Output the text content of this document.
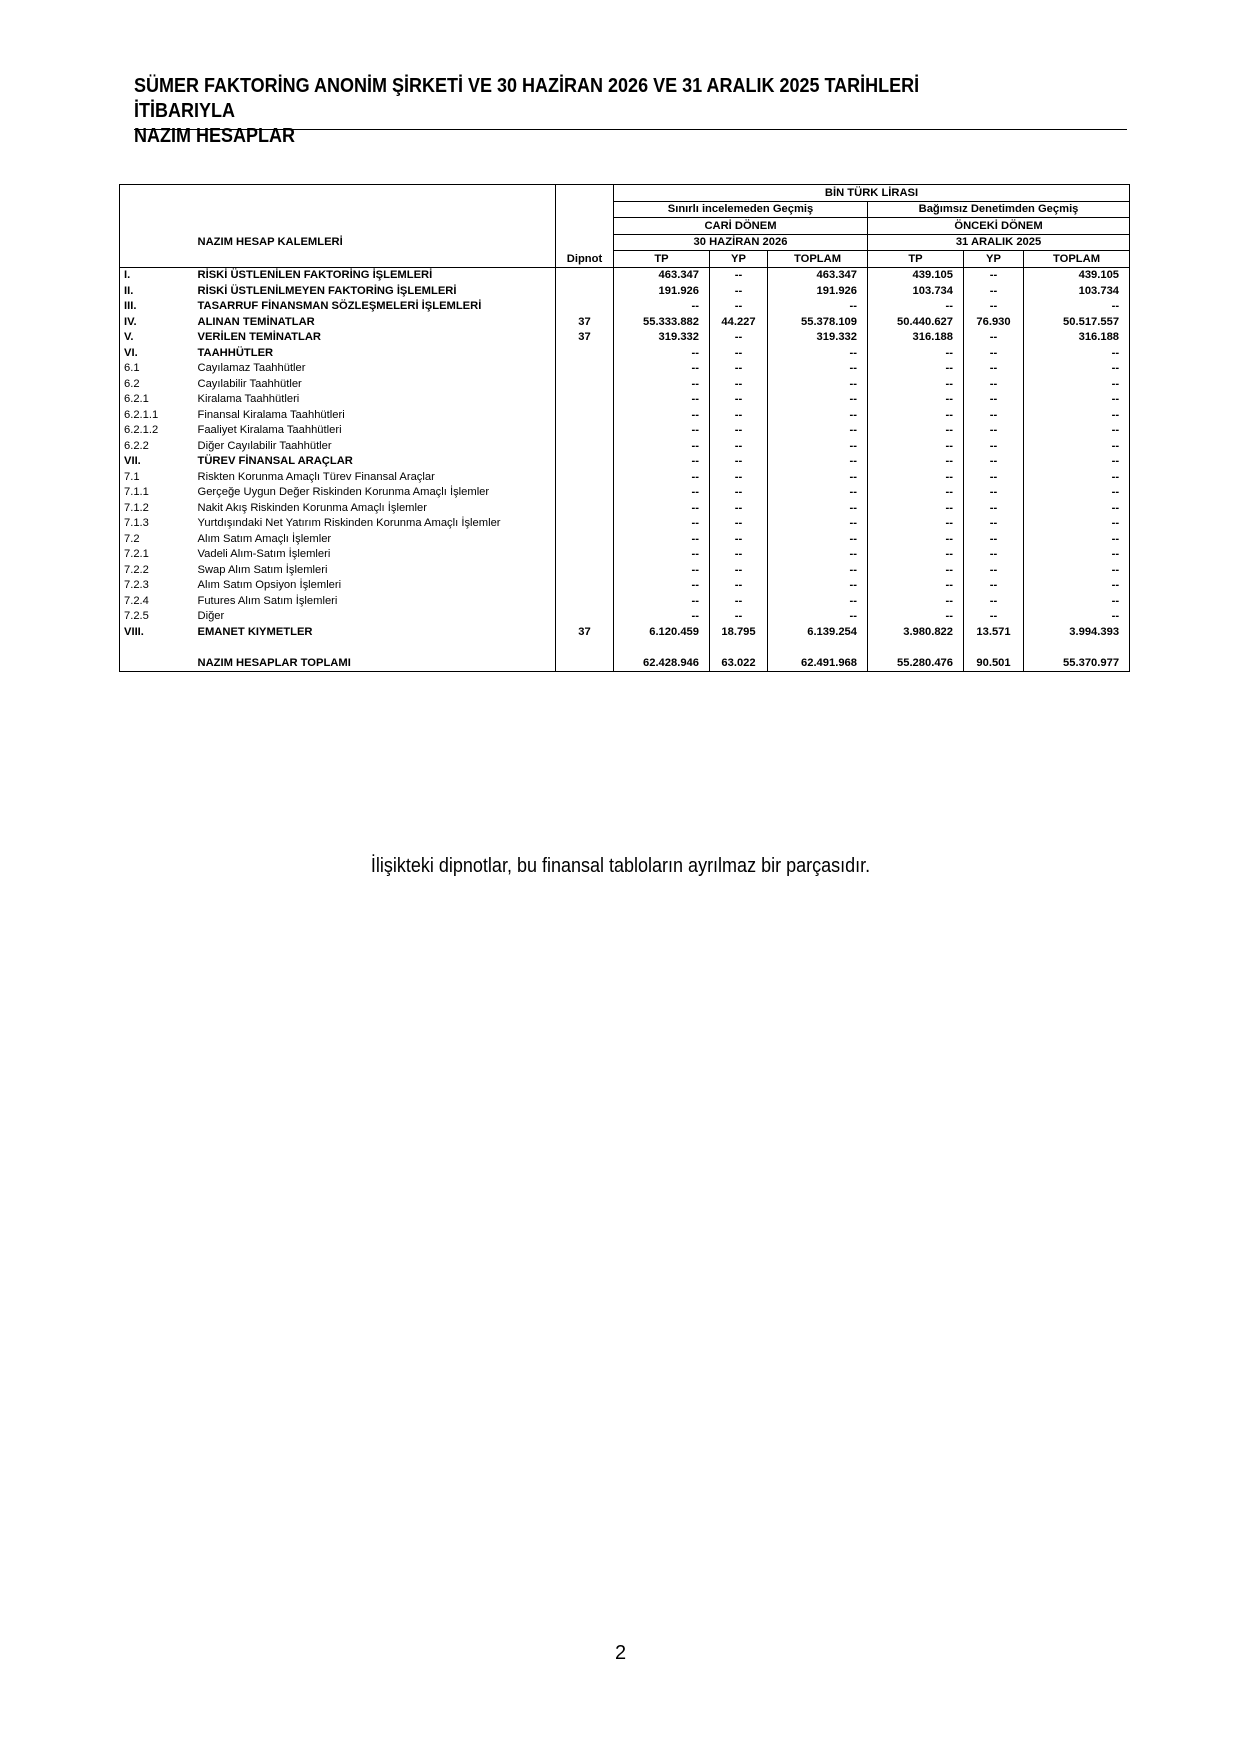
SÜMER FAKTORİNG ANONİM ŞİRKETİ VE 30 HAZİRAN 2026 VE 31 ARALIK 2025 TARİHLERİ İTİBARIYLA
NAZIM HESAPLAR
			BİN TÜRK LİRASI					
			Sınırlı incelemeden Geçmiş			Bağımsız Denetimden Geçmiş		
			CARİ DÖNEM			ÖNCEKİ DÖNEM		
	NAZIM HESAP KALEMLERİ		30 HAZİRAN 2026			31 ARALIK 2025		
		Dipnot	TP	YP	TOPLAM	TP	YP	TOPLAM
I.	RİSKİ ÜSTLENİLEN FAKTORİNG İŞLEMLERİ		463.347	--	463.347	439.105	--	439.105
II.	RİSKİ ÜSTLENİLMEYEN FAKTORİNG İŞLEMLERİ		191.926	--	191.926	103.734	--	103.734
III.	TASARRUF FİNANSMAN SÖZLEŞMELERİ İŞLEMLERİ		--	--	--	--	--	--
IV.	ALINAN TEMİNATLAR	37	55.333.882	44.227	55.378.109	50.440.627	76.930	50.517.557
V.	VERİLEN TEMİNATLAR	37	319.332	--	319.332	316.188	--	316.188
VI.	TAAHHÜTLER		--	--	--	--	--	--
6.1	Cayılamaz Taahhütler		--	--	--	--	--	--
6.2	Cayılabilir Taahhütler		--	--	--	--	--	--
6.2.1	Kiralama Taahhütleri		--	--	--	--	--	--
6.2.1.1	Finansal Kiralama Taahhütleri		--	--	--	--	--	--
6.2.1.2	Faaliyet Kiralama Taahhütleri		--	--	--	--	--	--
6.2.2	Diğer Cayılabilir Taahhütler		--	--	--	--	--	--
VII.	TÜREV FİNANSAL ARAÇLAR		--	--	--	--	--	--
7.1	Riskten Korunma Amaçlı Türev Finansal Araçlar		--	--	--	--	--	--
7.1.1	Gerçeğe Uygun Değer Riskinden Korunma Amaçlı İşlemler		--	--	--	--	--	--
7.1.2	Nakit Akış Riskinden Korunma Amaçlı İşlemler		--	--	--	--	--	--
7.1.3	Yurtdışındaki Net Yatırım Riskinden Korunma Amaçlı İşlemler		--	--	--	--	--	--
7.2	Alım Satım Amaçlı İşlemler		--	--	--	--	--	--
7.2.1	Vadeli Alım-Satım İşlemleri		--	--	--	--	--	--
7.2.2	Swap Alım Satım İşlemleri		--	--	--	--	--	--
7.2.3	Alım Satım Opsiyon İşlemleri		--	--	--	--	--	--
7.2.4	Futures Alım Satım İşlemleri		--	--	--	--	--	--
7.2.5	Diğer		--	--	--	--	--	--
VIII.	EMANET KIYMETLER	37	6.120.459	18.795	6.139.254	3.980.822	13.571	3.994.393

	NAZIM HESAPLAR TOPLAMI		62.428.946	63.022	62.491.968	55.280.476	90.501	55.370.977
İlişikteki dipnotlar, bu finansal tabloların ayrılmaz bir parçasıdır.
2
